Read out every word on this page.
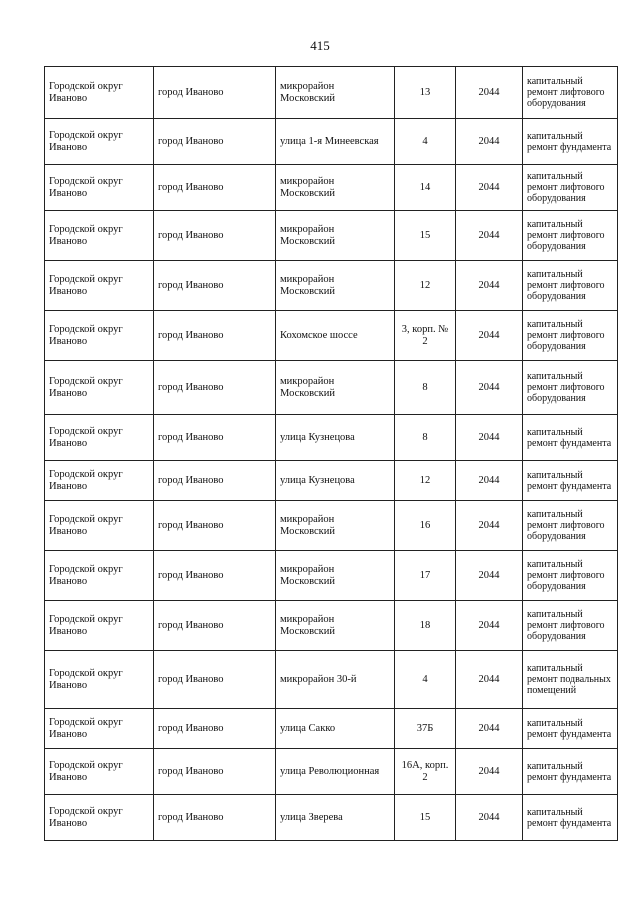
415
Городской округ Иваново	город Иваново	микрорайон Московский	13	2044	капитальный ремонт лифтового оборудования
Городской округ Иваново	город Иваново	улица 1-я Минеевская	4	2044	капитальный ремонт фундамента
Городской округ Иваново	город Иваново	микрорайон Московский	14	2044	капитальный ремонт лифтового оборудования
Городской округ Иваново	город Иваново	микрорайон Московский	15	2044	капитальный ремонт лифтового оборудования
Городской округ Иваново	город Иваново	микрорайон Московский	12	2044	капитальный ремонт лифтового оборудования
Городской округ Иваново	город Иваново	Кохомское шоссе	3, корп. № 2	2044	капитальный ремонт лифтового оборудования
Городской округ Иваново	город Иваново	микрорайон Московский	8	2044	капитальный ремонт лифтового оборудования
Городской округ Иваново	город Иваново	улица Кузнецова	8	2044	капитальный ремонт фундамента
Городской округ Иваново	город Иваново	улица Кузнецова	12	2044	капитальный ремонт фундамента
Городской округ Иваново	город Иваново	микрорайон Московский	16	2044	капитальный ремонт лифтового оборудования
Городской округ Иваново	город Иваново	микрорайон Московский	17	2044	капитальный ремонт лифтового оборудования
Городской округ Иваново	город Иваново	микрорайон Московский	18	2044	капитальный ремонт лифтового оборудования
Городской округ Иваново	город Иваново	микрорайон 30-й	4	2044	капитальный ремонт подвальных помещений
Городской округ Иваново	город Иваново	улица Сакко	37Б	2044	капитальный ремонт фундамента
Городской округ Иваново	город Иваново	улица Революционная	16А, корп. 2	2044	капитальный ремонт фундамента
Городской округ Иваново	город Иваново	улица Зверева	15	2044	капитальный ремонт фундамента
